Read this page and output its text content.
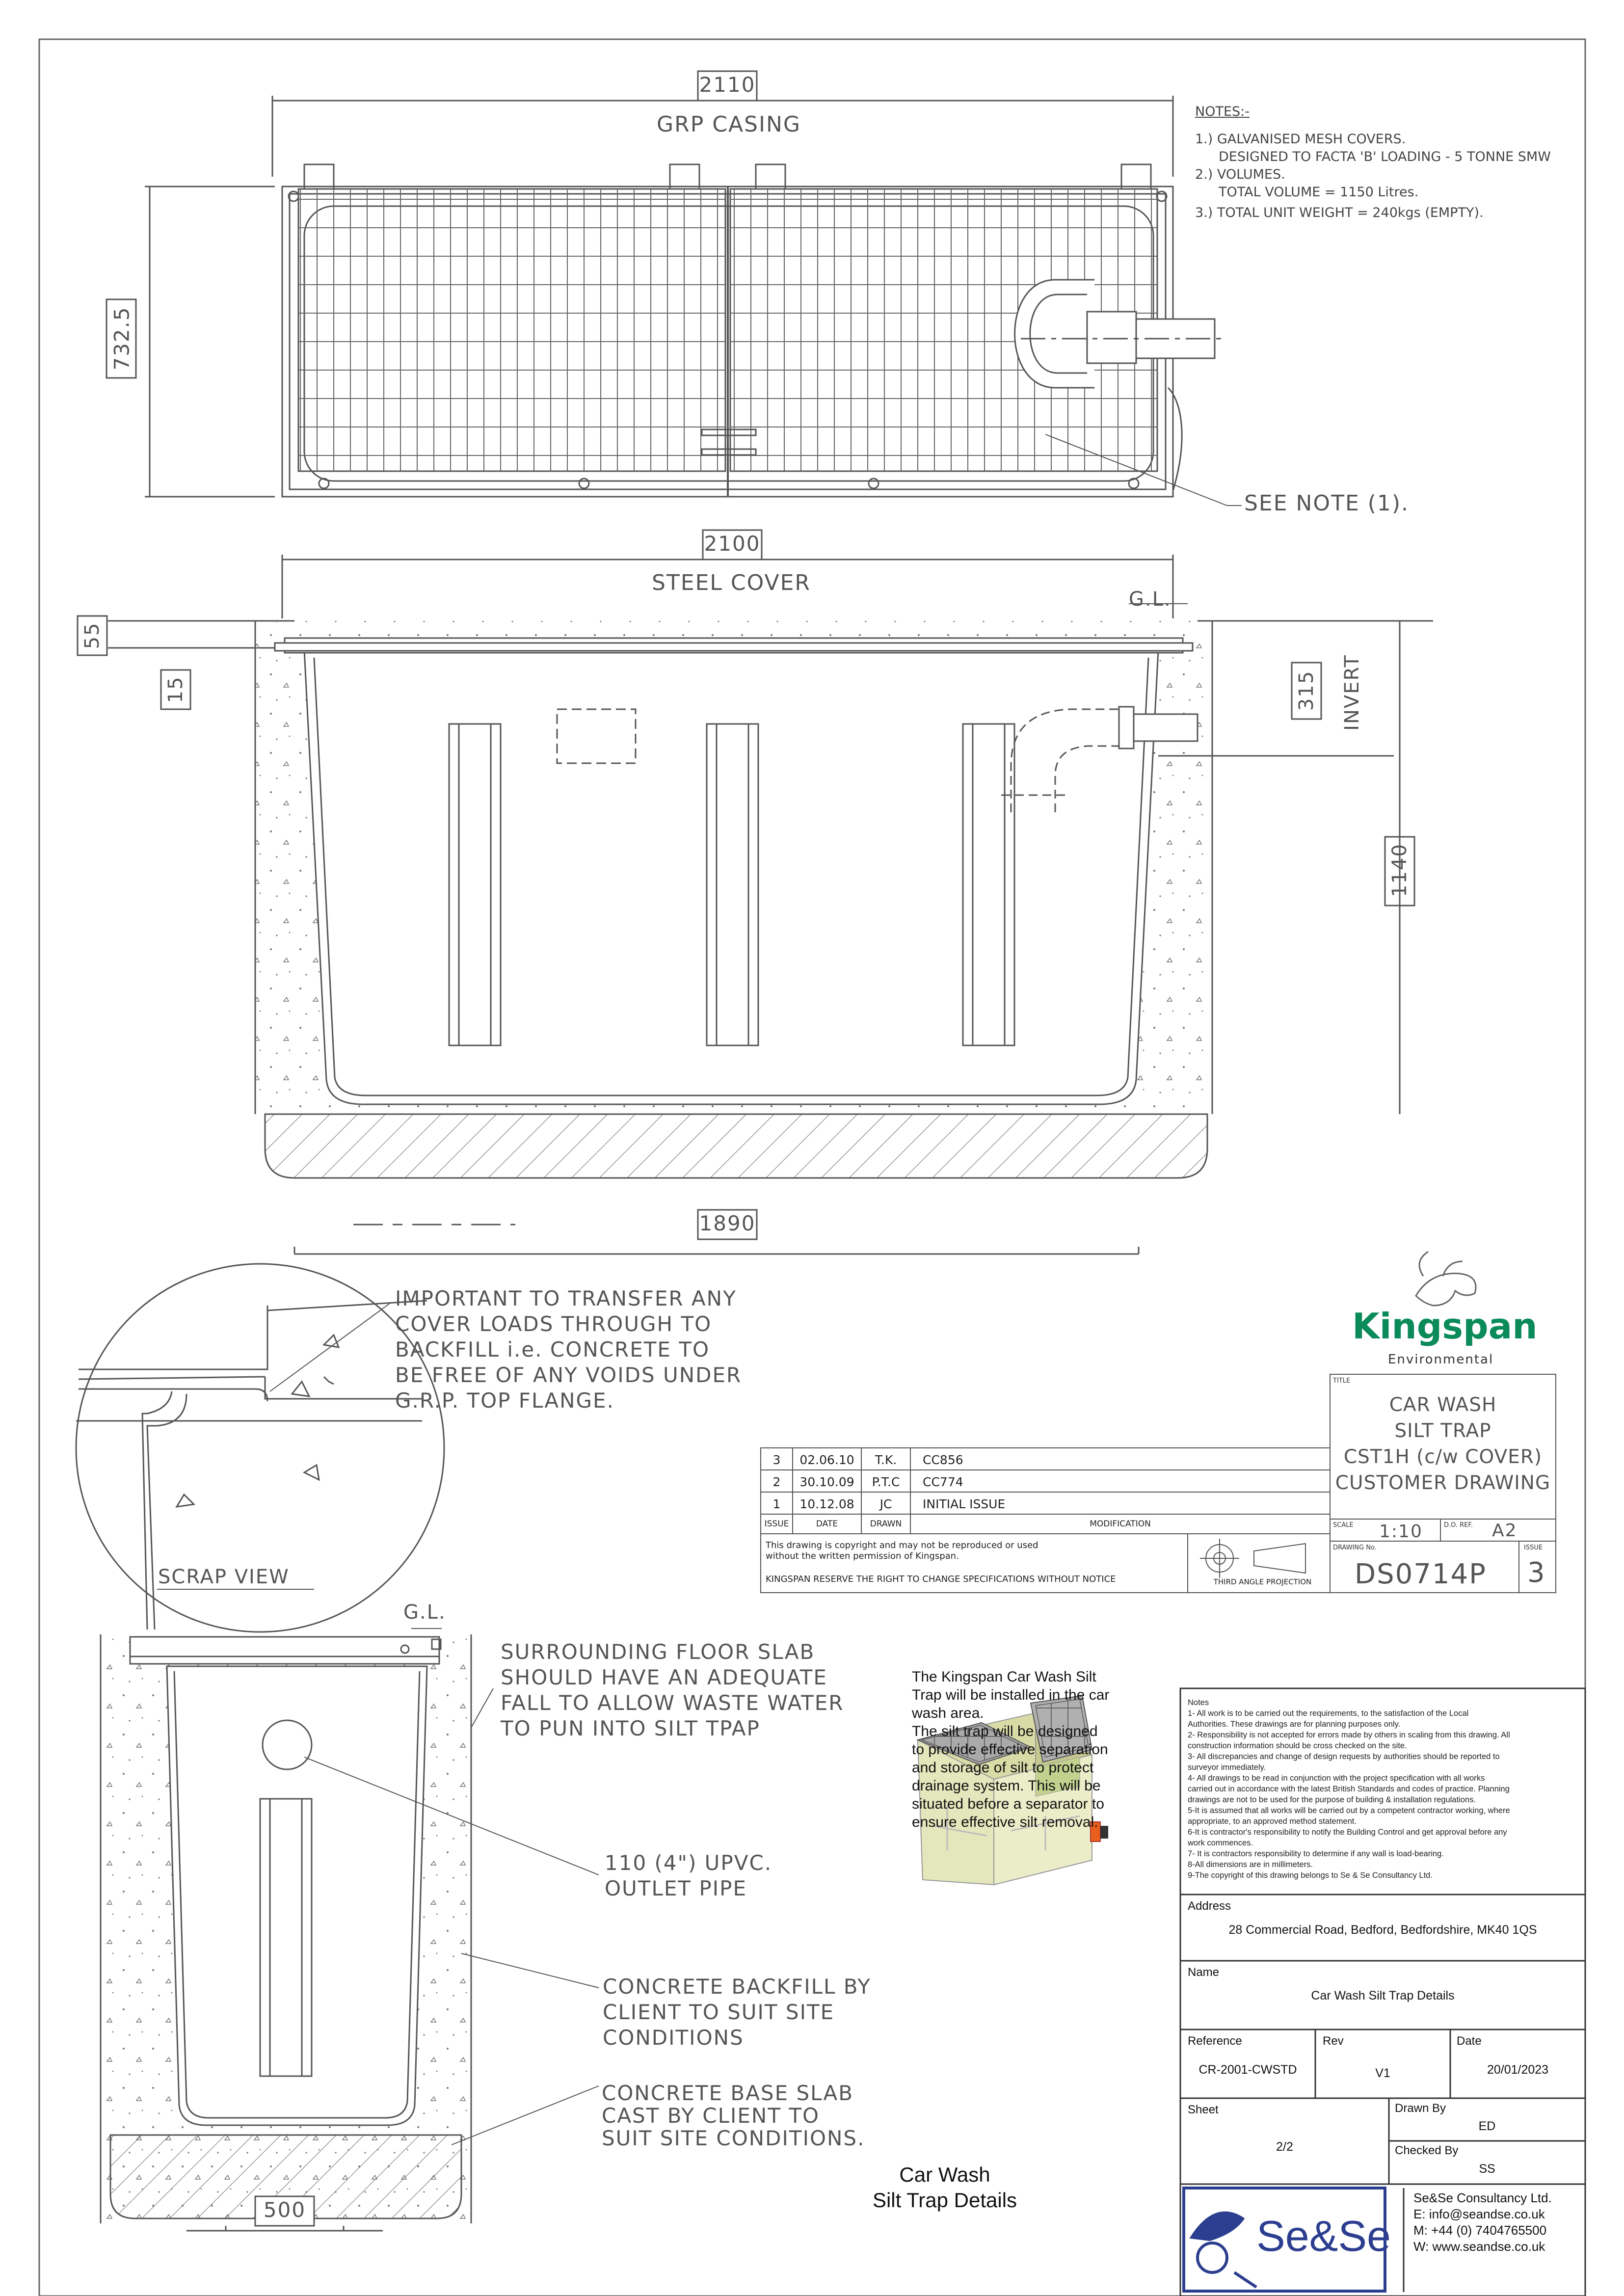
NOTES:-
1.) GALVANISED MESH COVERS.
DESIGNED TO FACTA 'B' LOADING - 5 TONNE SMW
2.) VOLUMES.
TOTAL VOLUME = 1150 Litres.
3.) TOTAL UNIT WEIGHT = 240kgs (EMPTY).
2110
GRP CASING
732.5
SEE NOTE (1).
2100
STEEL COVER
G.L.
55
15	315 INVERT
1140
1890
IMPORTANT TO TRANSFER ANY
COVER LOADS THROUGH TO
BACKFILL i.e. CONCRETE TO
BE FREE OF ANY VOIDS UNDER
G.R.P. TOP FLANGE.
SCRAP VIEW
G.L.
500
SURROUNDING FLOOR SLAB
SHOULD HAVE AN ADEQUATE
FALL TO ALLOW WASTE WATER
TO PUN INTO SILT TPAP
110 (4") UPVC.
OUTLET PIPE
CONCRETE BACKFILL BY
CLIENT TO SUIT SITE
CONDITIONS
CONCRETE BASE SLAB
CAST BY CLIENT TO
SUIT SITE CONDITIONS.
Kingspan
Environmental
TITLE
CAR WASH
SILT TRAP
CST1H (c/w COVER)
CUSTOMER DRAWING
SCALE 1:10	D.O. REF. A2
DRAWING No.
DS0714P
ISSUE
3
3	02.06.10	T.K.	CC856
2	30.10.09	P.T.C	CC774
1	10.12.08	JC	INITIAL ISSUE
ISSUE	DATE	DRAWN	MODIFICATION
This drawing is copyright and may not be reproduced or used
without the written permission of Kingspan.
KINGSPAN RESERVE THE RIGHT TO CHANGE SPECIFICATIONS WITHOUT NOTICE	THIRD ANGLE PROJECTION
The Kingspan Car Wash Silt
Trap will be installed in the car
wash area.
The silt trap will be designed
to provide effective separation
and storage of silt to protect
drainage system. This will be
situated before a separator to
ensure effective silt removal.
Car Wash
Silt Trap Details
Notes
1- All work is to be carried out the requirements, to the satisfaction of the Local
Authorities. These drawings are for planning purposes only.
2- Responsibility is not accepted for errors made by others in scaling from this drawing. All
construction information should be cross checked on the site.
3- All discrepancies and change of design requests by authorities should be reported to
surveyor immediately.
4- All drawings to be read in conjunction with the project specification with all works
carried out in accordance with the latest British Standards and codes of practice. Planning
drawings are not to be used for the purpose of building & installation regulations.
5-It is assumed that all works will be carried out by a competent contractor working, where
appropriate, to an approved method statement.
6-It is contractor's responsibility to notify the Building Control and get approval before any
work commences.
7- It is contractors responsibility to determine if any wall is load-bearing.
8-All dimensions are in millimeters.
9-The copyright of this drawing belongs to Se & Se Consultancy Ltd.
Address
28 Commercial Road, Bedford, Bedfordshire, MK40 1QS
Name
Car Wash Silt Trap Details
Reference
CR-2001-CWSTD
Rev
V1
Date
20/01/2023
Sheet
2/2
Drawn By
ED
Checked By
SS
Se&Se
Se&Se Consultancy Ltd.
E: info@seandse.co.uk
M: +44 (0) 7404765500
W: www.seandse.co.uk
